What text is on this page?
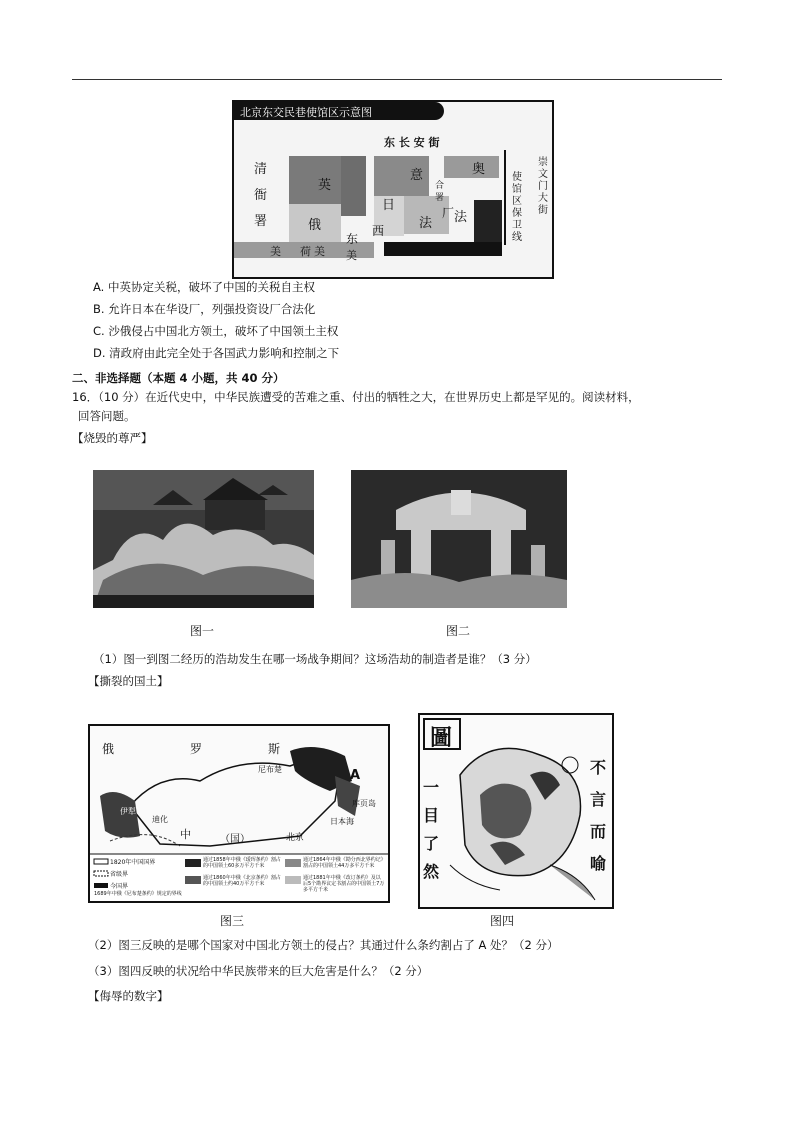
北京东交民巷使馆区示意图
东 长 安 街
崇文门大街
使馆区保卫线
清衙署
英
俄
意	奥
日
法 法
合
署
西
东
美 荷 美 美
厂
A. 中英协定关税，破坏了中国的关税自主权
B. 允许日本在华设厂，列强投资设厂合法化
C. 沙俄侵占中国北方领土，破坏了中国领土主权
D. 清政府由此完全处于各国武力影响和控制之下
二、非选择题（本题 4 小题，共 40 分）
16．（10 分）在近代史中，中华民族遭受的苦难之重、付出的牺牲之大，在世界历史上都是罕见的。阅读材料，
回答问题。
【烧毁的尊严】
图一	图二
（1）图一到图二经历的浩劫发生在哪一场战争期间？这场浩劫的制造者是谁？（3 分）
【撕裂的国土】
俄	罗	斯
中	（国）	北京
A
日本海
尼布楚
伊犁
迪化
库页岛
1820年中国国界
省级界
今国界
1689年中俄《尼布楚条约》规定的界线
通过1858年中俄《瑷珲条约》割占的中国领土60多万平方千米
通过1860年中俄《北京条约》割占的中国领土约40万平方千米
通过1864年中俄《勘分西北界约记》割占的中国领土44万多平方千米
通过1881年中俄《改订条约》及以后5个勘界议定书割占的中国领土7万多平方千米
图三
圖
一
目
了
然
不
言
而
喻
图四
（2）图三反映的是哪个国家对中国北方领土的侵占？其通过什么条约割占了 A 处？（2 分）
（3）图四反映的状况给中华民族带来的巨大危害是什么？（2 分）
【侮辱的数字】
